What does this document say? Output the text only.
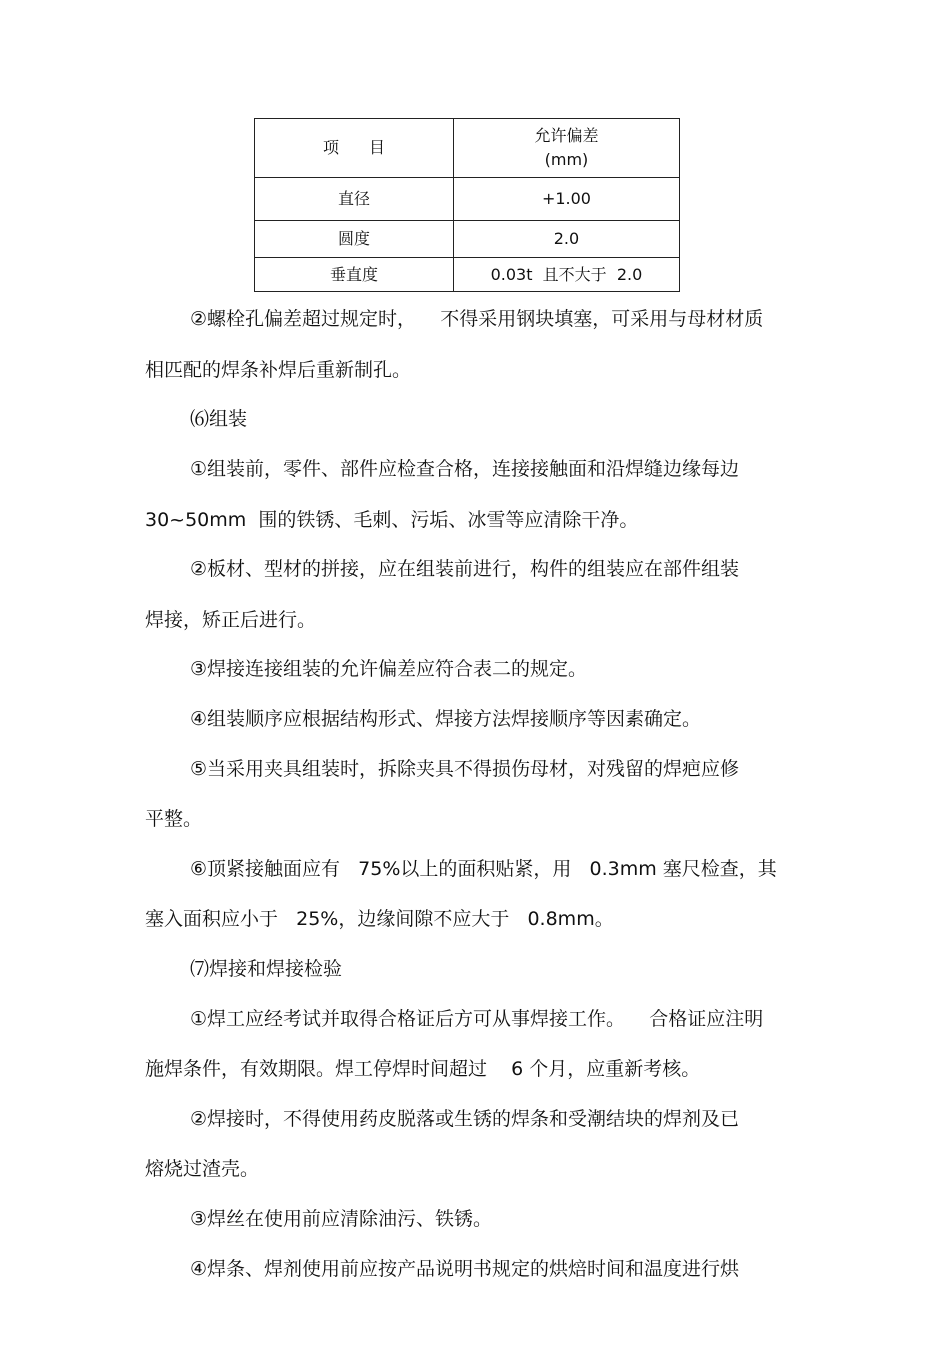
项 目	允许偏差
(mm)

直径	+1.00
圆度	2.0
垂直度	0.03t  且不大于  2.0

②螺栓孔偏差超过规定时，    不得采用钢块填塞，可采用与母材材质

相匹配的焊条补焊后重新制孔。

⑹组装

①组装前，零件、部件应检查合格，连接接触面和沿焊缝边缘每边

30~50mm  围的铁锈、毛刺、污垢、冰雪等应清除干净。

②板材、型材的拼接，应在组装前进行，构件的组装应在部件组装

焊接，矫正后进行。

③焊接连接组装的允许偏差应符合表二的规定。

④组装顺序应根据结构形式、焊接方法焊接顺序等因素确定。

⑤当采用夹具组装时，拆除夹具不得损伤母材，对残留的焊疤应修

平整。

⑥顶紧接触面应有   75%以上的面积贴紧，用   0.3mm 塞尺检查，其

塞入面积应小于   25%，边缘间隙不应大于   0.8mm。

⑺焊接和焊接检验

①焊工应经考试并取得合格证后方可从事焊接工作。    合格证应注明

施焊条件，有效期限。焊工停焊时间超过    6 个月，应重新考核。

②焊接时，不得使用药皮脱落或生锈的焊条和受潮结块的焊剂及已

熔烧过渣壳。

③焊丝在使用前应清除油污、铁锈。

④焊条、焊剂使用前应按产品说明书规定的烘焙时间和温度进行烘
